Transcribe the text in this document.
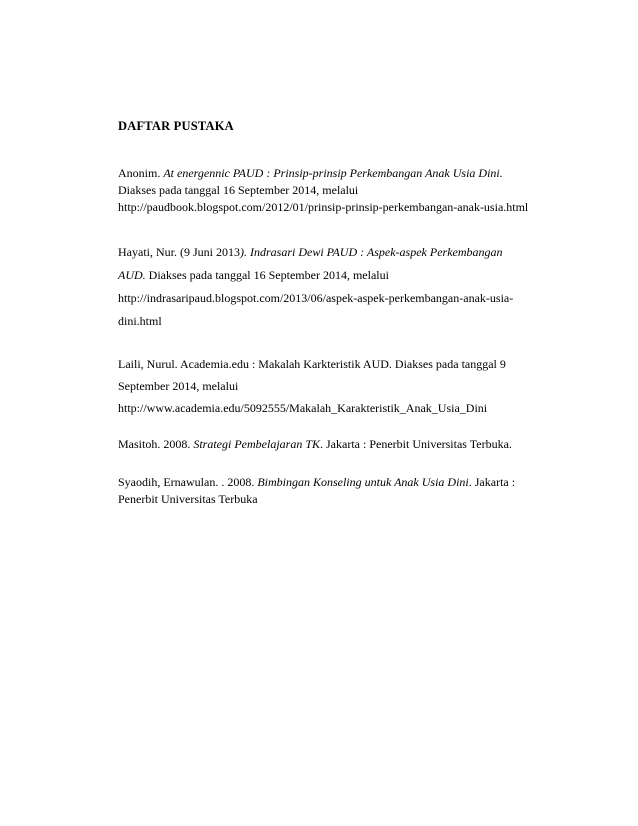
DAFTAR PUSTAKA

Anonim. At energennic PAUD : Prinsip-prinsip Perkembangan Anak Usia Dini.
Diakses pada tanggal 16 September 2014, melalui
http://paudbook.blogspot.com/2012/01/prinsip-prinsip-perkembangan-anak-usia.html
Hayati, Nur. (9 Juni 2013). Indrasari Dewi PAUD : Aspek-aspek Perkembangan
AUD. Diakses pada tanggal 16 September 2014, melalui
http://indrasaripaud.blogspot.com/2013/06/aspek-aspek-perkembangan-anak-usia-
dini.html
Laili, Nurul. Academia.edu : Makalah Karkteristik AUD. Diakses pada tanggal 9
September 2014, melalui
http://www.academia.edu/5092555/Makalah_Karakteristik_Anak_Usia_Dini
Masitoh. 2008. Strategi Pembelajaran TK. Jakarta : Penerbit Universitas Terbuka.
Syaodih, Ernawulan. . 2008. Bimbingan Konseling untuk Anak Usia Dini. Jakarta :
Penerbit Universitas Terbuka
